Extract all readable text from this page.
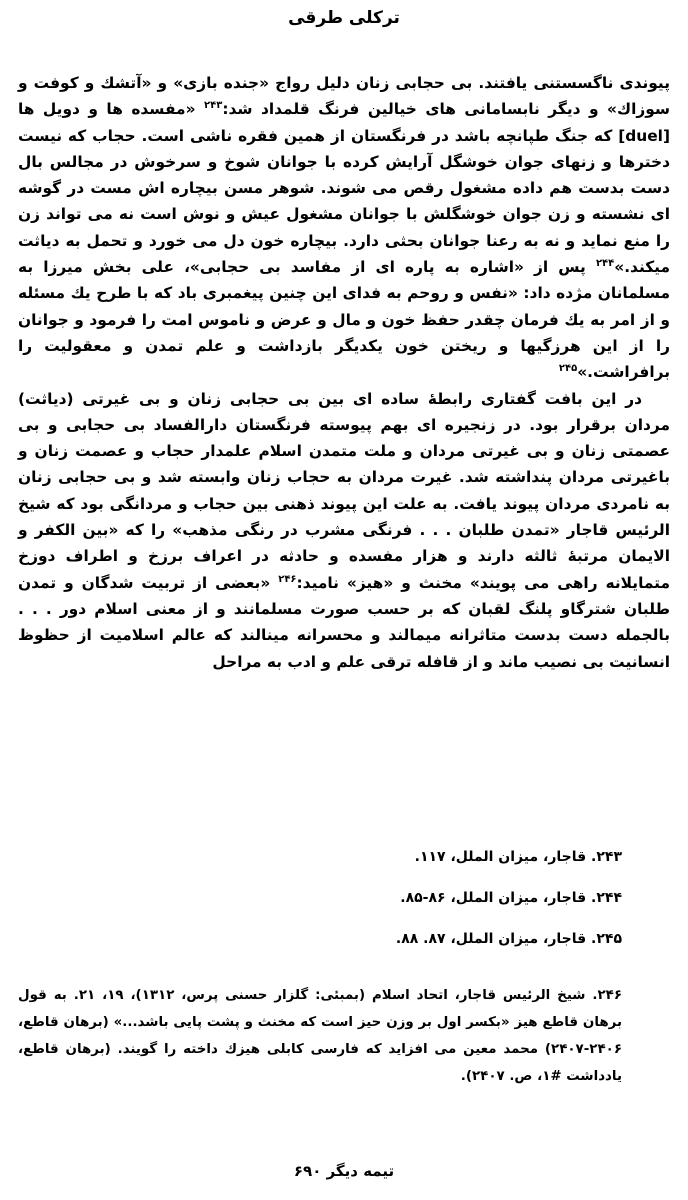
ترکلی طرقی

پیوندی ناگسستنی یافتند. بی حجابی زنان دلیل رواج «جنده بازی» و «آتشك و کوفت و سوزاك» و دیگر نابسامانی های خیالین فرنگ قلمداد شد:$^{۲۴۳}$ «مفسده ها و دویل ها [duel] که جنگ طپانچه باشد در فرنگستان از همین فقره ناشی است. حجاب که نیست دخترها و زنهای جوان خوشگل آرایش کرده با جوانان شوخ و سرخوش در مجالس بال دست بدست هم داده مشغول رقص می شوند. شوهر مسن بیچاره اش مست در گوشه ای نشسته و زن جوان خوشگلش با جوانان مشغول عیش و نوش است نه می تواند زن را منع نماید و نه به رعنا جوانان بحثی دارد. بیچاره خون دل می خورد و تحمل به دیاثت میکند.»$^{۲۴۴}$ پس از «اشاره به پاره ای از مفاسد بی حجابی»، علی بخش میرزا به مسلمانان مژده داد: «نفس و روحم به فدای این چنین پیغمبری باد که با طرح یك مسئله و از امر به یك فرمان چقدر حفظ خون و مال و عرض و ناموس امت را فرمود و جوانان را از این هرزگیها و ریختن خون یکدیگر بازداشت و علم تمدن و معقولیت را برافراشت.»$^{۲۴۵}$

در این بافت گفتاری رابطهٔ ساده ای بین بی حجابی زنان و بی غیرتی (دیاثت) مردان برقرار بود. در زنجیره ای بهم پیوسته فرنگستان دارالفساد بی حجابی و بی عصمتی زنان و بی غیرتی مردان و ملت متمدن اسلام علمدار حجاب و عصمت زنان و باغیرتی مردان پنداشته شد. غیرت مردان به حجاب زنان وابسته شد و بی حجابی زنان به نامردی مردان پیوند یافت. به علت این پیوند ذهنی بین حجاب و مردانگی بود که شیخ الرئیس قاجار «تمدن طلبان . . . فرنگی مشرب در رنگی مذهب» را که «بین الکفر و الایمان مرتبهٔ ثالثه دارند و هزار مفسده و حادثه در اعراف برزخ و اطراف دوزخ متمایلانه راهی می پویند» مخنث و «هیز» نامید:$^{۲۴۶}$ «بعضی از تربیت شدگان و تمدن طلبان شترگاو پلنگ لقبان که بر حسب صورت مسلمانند و از معنی اسلام دور . . . بالجمله دست بدست متاثرانه میمالند و محسرانه مینالند که عالم اسلامیت از حظوظ انسانیت بی نصیب ماند و از قافله ترقی علم و ادب به مراحل

۲۴۳. قاجار، میزان الملل، ۱۱۷.

۲۴۴. قاجار، میزان الملل، ۸۶-۸۵.

۲۴۵. قاجار، میزان الملل، ۸۷. ۸۸.

۲۴۶. شیخ الرئیس قاجار، اتحاد اسلام (بمبئی: گلزار حسنی پرس، ۱۳۱۲)، ۱۹، ۲۱. به قول برهان قاطع هیز «بکسر اول بر وزن حیز است که مخنث و پشت پایی باشد...» (برهان قاطع، ۲۴۰۶-۲۴۰۷) محمد معین می افزاید که فارسی کابلی هیزك داخته را گویند. (برهان قاطع، یادداشت #۱، ص. ۲۴۰۷).

تیمه دیگر ۶۹۰
